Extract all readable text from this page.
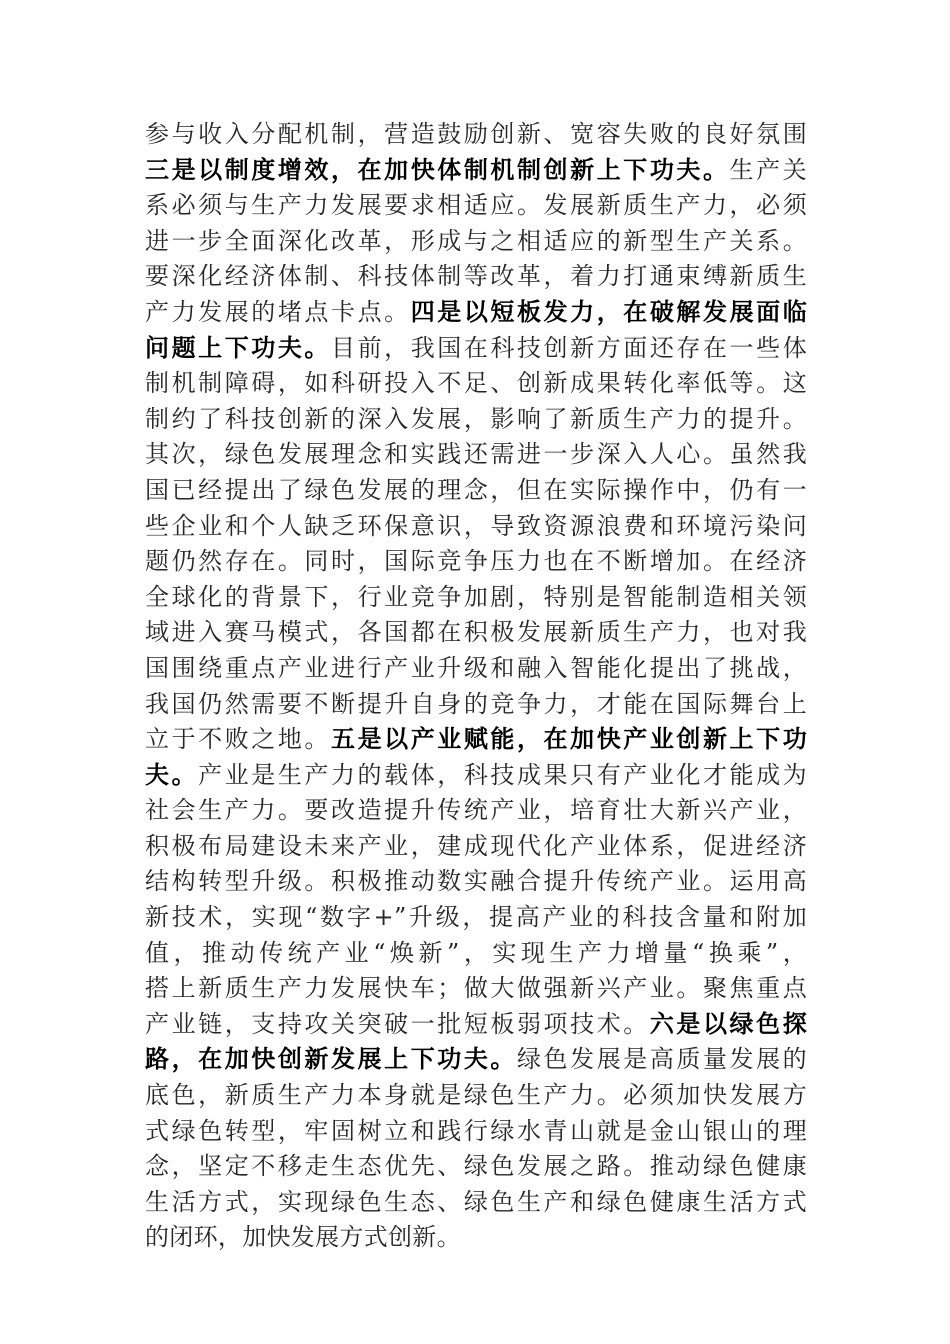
参与收入分配机制，营造鼓励创新、宽容失败的良好氛围
三是以制度增效，在加快体制机制创新上下功夫。生产关
系必须与生产力发展要求相适应。发展新质生产力，必须
进一步全面深化改革，形成与之相适应的新型生产关系。
要深化经济体制、科技体制等改革，着力打通束缚新质生
产力发展的堵点卡点。四是以短板发力，在破解发展面临
问题上下功夫。目前，我国在科技创新方面还存在一些体
制机制障碍，如科研投入不足、创新成果转化率低等。这
制约了科技创新的深入发展，影响了新质生产力的提升。
其次，绿色发展理念和实践还需进一步深入人心。虽然我
国已经提出了绿色发展的理念，但在实际操作中，仍有一
些企业和个人缺乏环保意识，导致资源浪费和环境污染问
题仍然存在。同时，国际竞争压力也在不断增加。在经济
全球化的背景下，行业竞争加剧，特别是智能制造相关领
域进入赛马模式，各国都在积极发展新质生产力，也对我
国围绕重点产业进行产业升级和融入智能化提出了挑战，
我国仍然需要不断提升自身的竞争力，才能在国际舞台上
立于不败之地。五是以产业赋能，在加快产业创新上下功
夫。产业是生产力的载体，科技成果只有产业化才能成为
社会生产力。要改造提升传统产业，培育壮大新兴产业，
积极布局建设未来产业，建成现代化产业体系，促进经济
结构转型升级。积极推动数实融合提升传统产业。运用高
新技术，实现“数字+”升级，提高产业的科技含量和附加
值，推动传统产业“焕新”，实现生产力增量“换乘”，
搭上新质生产力发展快车；做大做强新兴产业。聚焦重点
产业链，支持攻关突破一批短板弱项技术。六是以绿色探
路，在加快创新发展上下功夫。绿色发展是高质量发展的
底色，新质生产力本身就是绿色生产力。必须加快发展方
式绿色转型，牢固树立和践行绿水青山就是金山银山的理
念，坚定不移走生态优先、绿色发展之路。推动绿色健康
生活方式，实现绿色生态、绿色生产和绿色健康生活方式
的闭环，加快发展方式创新。
